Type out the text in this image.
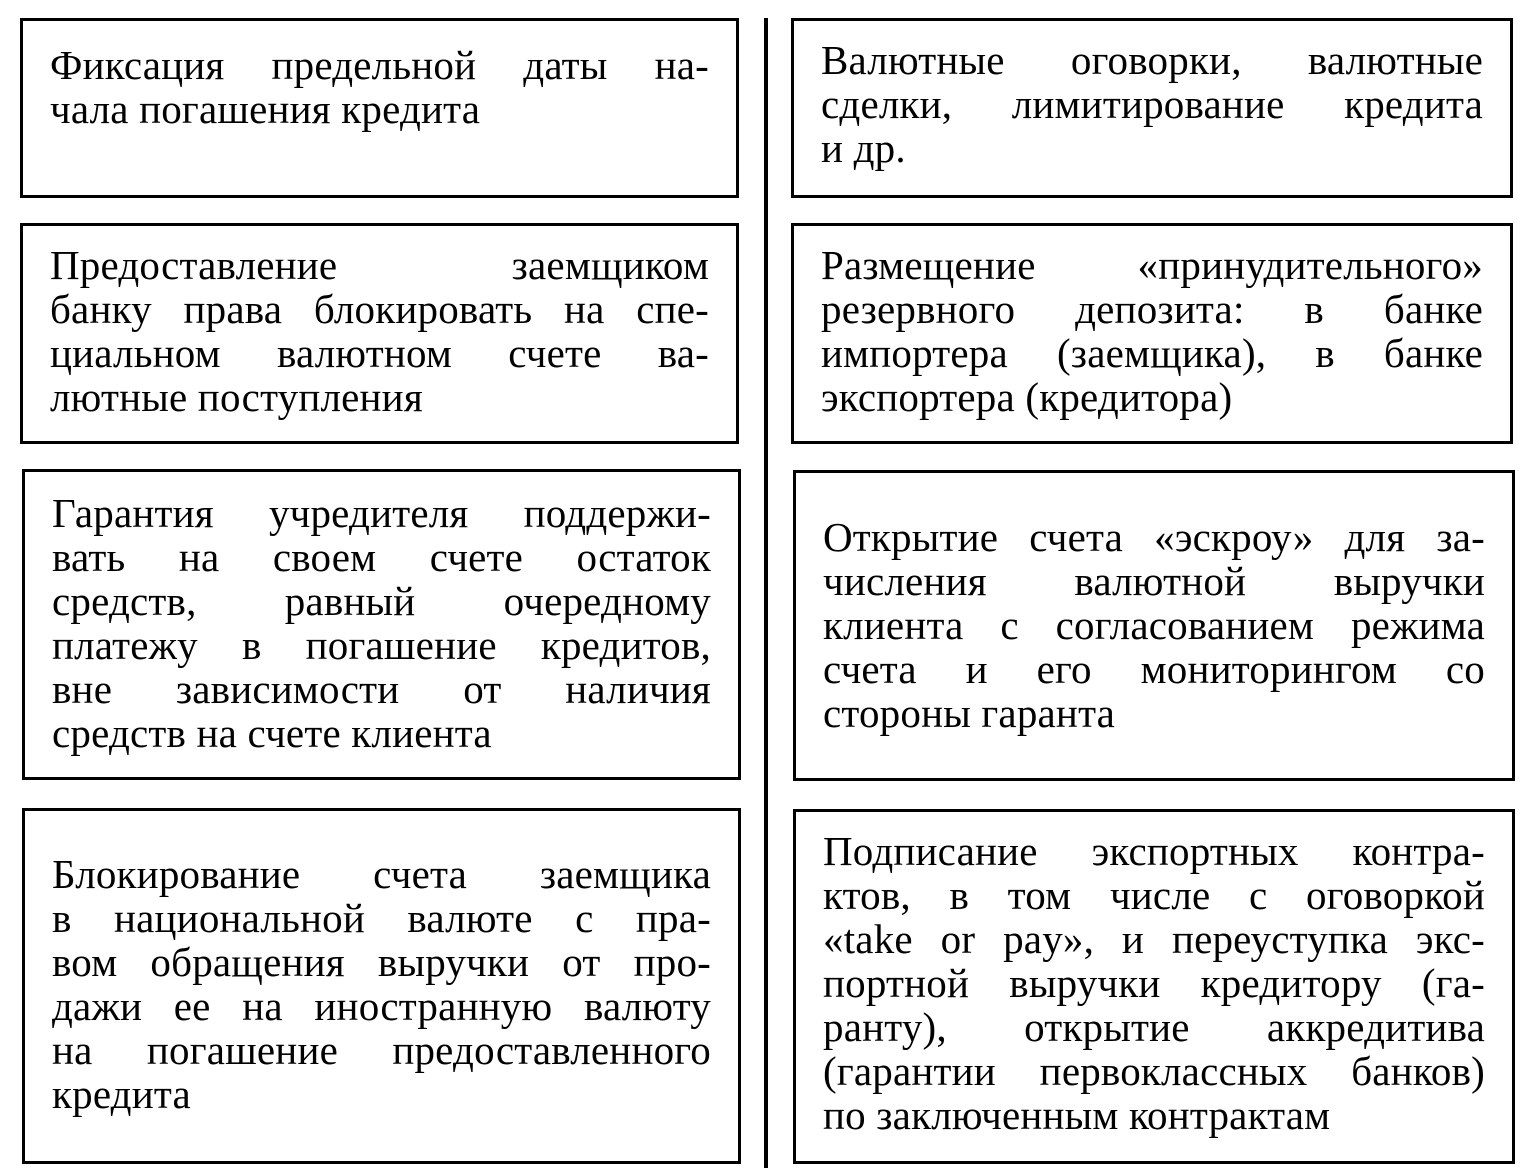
Фиксация предельной даты на-
чала погашения кредита
Предоставление заемщиком
банку права блокировать на спе-
циальном валютном счете ва-
лютные поступления
Гарантия учредителя поддержи-
вать на своем счете остаток
средств, равный очередному
платежу в погашение кредитов,
вне зависимости от наличия
средств на счете клиента
Блокирование счета заемщика
в национальной валюте с пра-
вом обращения выручки от про-
дажи ее на иностранную валюту
на погашение предоставленного
кредита
Валютные оговорки, валютные
сделки, лимитирование кредита
и др.
Размещение «принудительного»
резервного депозита: в банке
импортера (заемщика), в банке
экспортера (кредитора)
Открытие счета «эскроу» для за-
числения валютной выручки
клиента с согласованием режима
счета и его мониторингом со
стороны гаранта
Подписание экспортных контра-
ктов, в том числе с оговоркой
«take or pay», и переуступка экс-
портной выручки кредитору (га-
ранту), открытие аккредитива
(гарантии первоклассных банков)
по заключенным контрактам
